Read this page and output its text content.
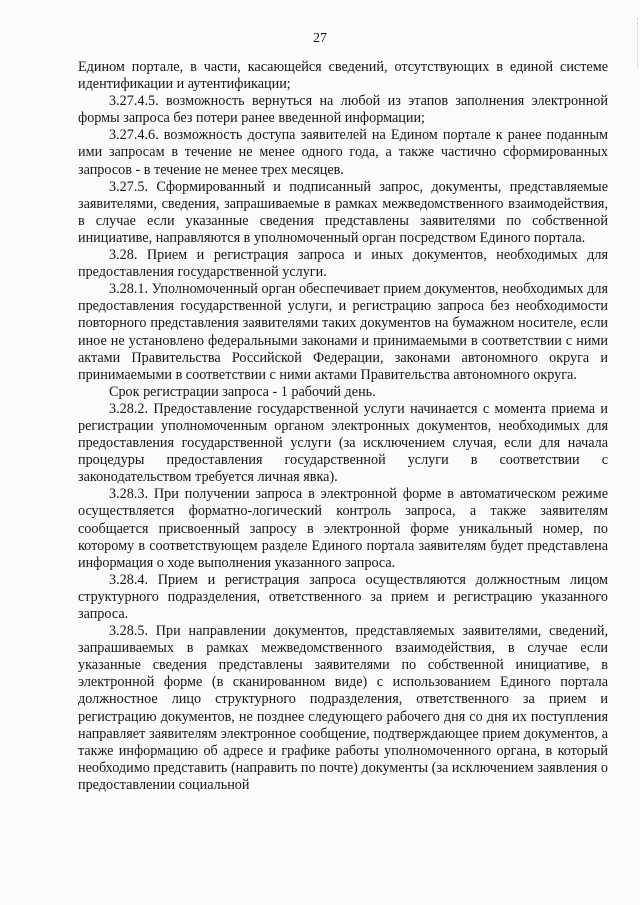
27

Едином портале, в части, касающейся сведений, отсутствующих в единой системе идентификации и аутентификации;

3.27.4.5. возможность вернуться на любой из этапов заполнения электронной формы запроса без потери ранее введенной информации;

3.27.4.6. возможность доступа заявителей на Едином портале к ранее поданным ими запросам в течение не менее одного года, а также частично сформированных запросов - в течение не менее трех месяцев.

3.27.5. Сформированный и подписанный запрос, документы, представляемые заявителями, сведения, запрашиваемые в рамках межведомственного взаимодействия, в случае если указанные сведения представлены заявителями по собственной инициативе, направляются в уполномоченный орган посредством Единого портала.

3.28. Прием и регистрация запроса и иных документов, необходимых для предоставления государственной услуги.

3.28.1. Уполномоченный орган обеспечивает прием документов, необходимых для предоставления государственной услуги, и регистрацию запроса без необходимости повторного представления заявителями таких документов на бумажном носителе, если иное не установлено федеральными законами и принимаемыми в соответствии с ними актами Правительства Российской Федерации, законами автономного округа и принимаемыми в соответствии с ними актами Правительства автономного округа.

Срок регистрации запроса - 1 рабочий день.

3.28.2. Предоставление государственной услуги начинается с момента приема и регистрации уполномоченным органом электронных документов, необходимых для предоставления государственной услуги (за исключением случая, если для начала процедуры предоставления государственной услуги в соответствии с законодательством требуется личная явка).

3.28.3. При получении запроса в электронной форме в автоматическом режиме осуществляется форматно-логический контроль запроса, а также заявителям сообщается присвоенный запросу в электронной форме уникальный номер, по которому в соответствующем разделе Единого портала заявителям будет представлена информация о ходе выполнения указанного запроса.

3.28.4. Прием и регистрация запроса осуществляются должностным лицом структурного подразделения, ответственного за прием и регистрацию указанного запроса.

3.28.5. При направлении документов, представляемых заявителями, сведений, запрашиваемых в рамках межведомственного взаимодействия, в случае если указанные сведения представлены заявителями по собственной инициативе, в электронной форме (в сканированном виде) с использованием Единого портала должностное лицо структурного подразделения, ответственного за прием и регистрацию документов, не позднее следующего рабочего дня со дня их поступления направляет заявителям электронное сообщение, подтверждающее прием документов, а также информацию об адресе и графике работы уполномоченного органа, в который необходимо представить (направить по почте) документы (за исключением заявления о предоставлении социальной
